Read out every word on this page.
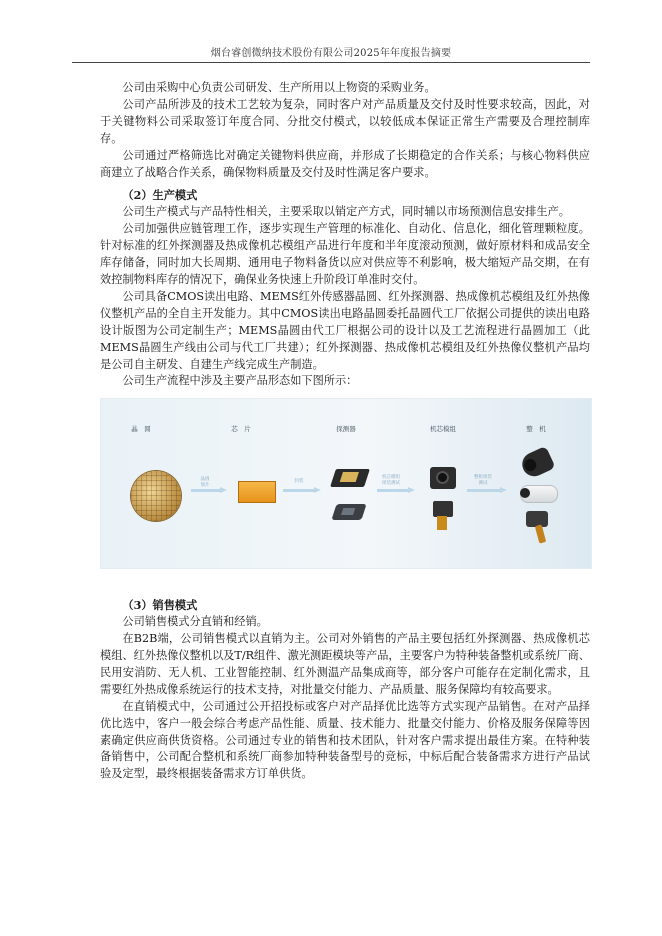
烟台睿创微纳技术股份有限公司2025年年度报告摘要

公司由采购中心负责公司研发、生产所用以上物资的采购业务。

公司产品所涉及的技术工艺较为复杂，同时客户对产品质量及交付及时性要求较高，因此，对于关键物料公司采取签订年度合同、分批交付模式，以较低成本保证正常生产需要及合理控制库存。

公司通过严格筛选比对确定关键物料供应商，并形成了长期稳定的合作关系；与核心物料供应商建立了战略合作关系，确保物料质量及交付及时性满足客户要求。

（2）生产模式

公司生产模式与产品特性相关，主要采取以销定产方式，同时辅以市场预测信息安排生产。

公司加强供应链管理工作，逐步实现生产管理的标准化、自动化、信息化，细化管理颗粒度。针对标准的红外探测器及热成像机芯模组产品进行年度和半年度滚动预测，做好原材料和成品安全库存储备，同时加大长周期、通用电子物料备货以应对供应等不利影响，极大缩短产品交期，在有效控制物料库存的情况下，确保业务快速上升阶段订单准时交付。

公司具备CMOS读出电路、MEMS红外传感器晶圆、红外探测器、热成像机芯模组及红外热像仪整机产品的全自主开发能力。其中CMOS读出电路晶圆委托晶圆代工厂依据公司提供的读出电路设计版图为公司定制生产；MEMS晶圆由代工厂根据公司的设计以及工艺流程进行晶圆加工（此MEMS晶圆生产线由公司与代工厂共建）；红外探测器、热成像机芯模组及红外热像仪整机产品均是公司自主研发、自建生产线完成生产制造。

公司生产流程中涉及主要产品形态如下图所示：

晶　圆	芯　片	探测器	机芯模组	整　机
晶圆
划片
封装
机芯模组
组装测试
整机组装
测试

（3）销售模式

公司销售模式分直销和经销。

在B2B端，公司销售模式以直销为主。公司对外销售的产品主要包括红外探测器、热成像机芯模组、红外热像仪整机以及T/R组件、激光测距模块等产品，主要客户为特种装备整机或系统厂商、民用安消防、无人机、工业智能控制、红外测温产品集成商等，部分客户可能存在定制化需求，且需要红外热成像系统运行的技术支持，对批量交付能力、产品质量、服务保障均有较高要求。

在直销模式中，公司通过公开招投标或客户对产品择优比选等方式实现产品销售。在对产品择优比选中，客户一般会综合考虑产品性能、质量、技术能力、批量交付能力、价格及服务保障等因素确定供应商供货资格。公司通过专业的销售和技术团队，针对客户需求提出最佳方案。在特种装备销售中，公司配合整机和系统厂商参加特种装备型号的竞标，中标后配合装备需求方进行产品试验及定型，最终根据装备需求方订单供货。
